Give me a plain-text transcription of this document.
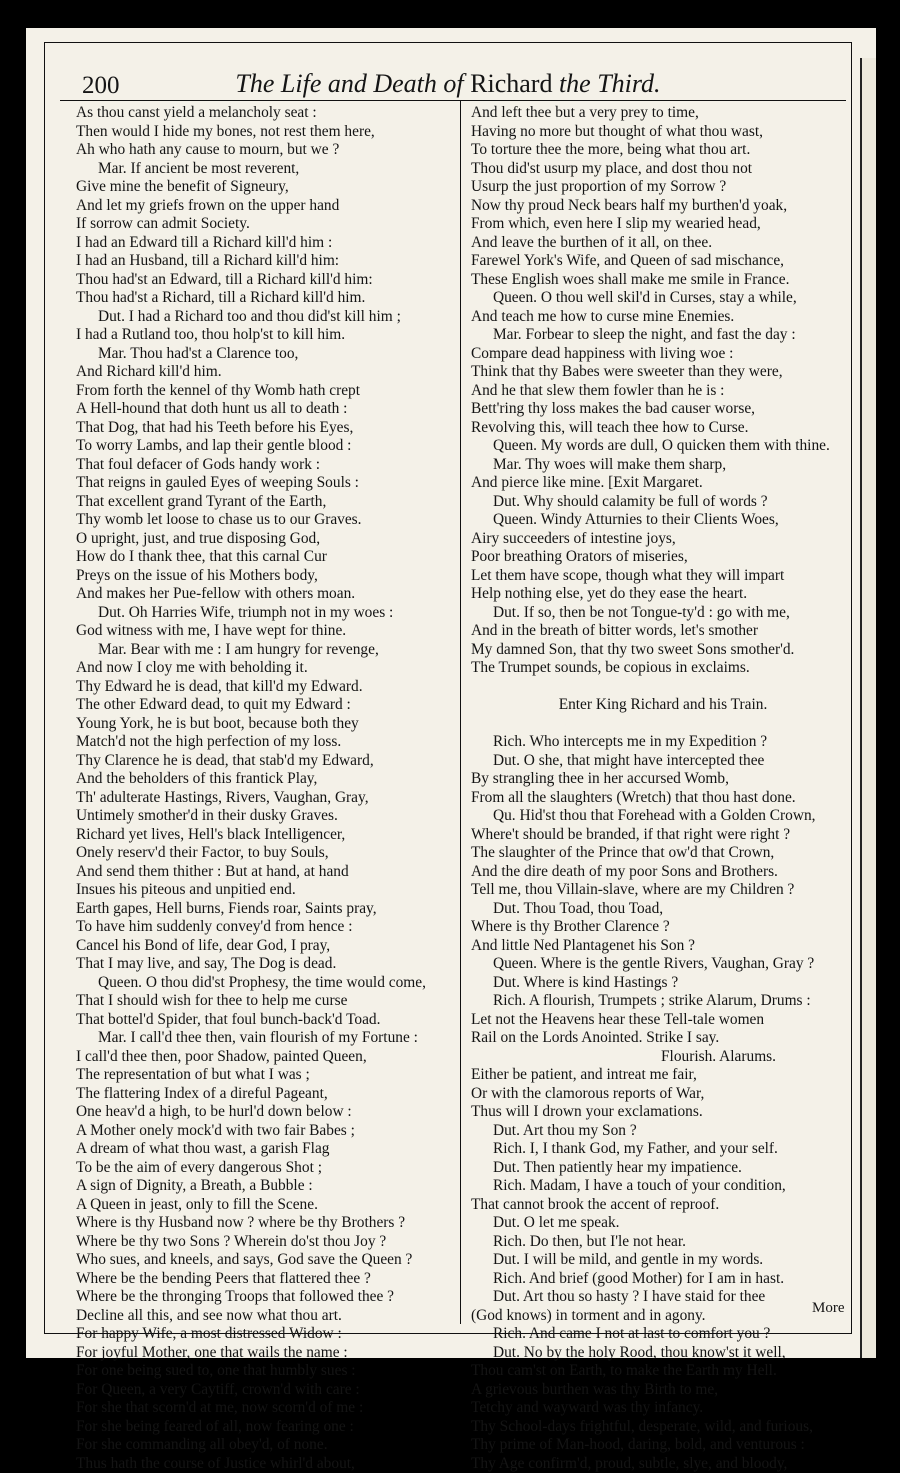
200	The Life and Death of Richard the Third.
As thou canst yield a melancholy seat :
Then would I hide my bones, not rest them here,
Ah who hath any cause to mourn, but we ?
Mar. If ancient be most reverent,
Give mine the benefit of Signeury,
And let my griefs frown on the upper hand
If sorrow can admit Society.
I had an Edward till a Richard kill'd him :
I had an Husband, till a Richard kill'd him:
Thou had'st an Edward, till a Richard kill'd him:
Thou had'st a Richard, till a Richard kill'd him.
Dut. I had a Richard too and thou did'st kill him ;
I had a Rutland too, thou holp'st to kill him.
Mar. Thou had'st a Clarence too,
And Richard kill'd him.
From forth the kennel of thy Womb hath crept
A Hell-hound that doth hunt us all to death :
That Dog, that had his Teeth before his Eyes,
To worry Lambs, and lap their gentle blood :
That foul defacer of Gods handy work :
That reigns in gauled Eyes of weeping Souls :
That excellent grand Tyrant of the Earth,
Thy womb let loose to chase us to our Graves.
O upright, just, and true disposing God,
How do I thank thee, that this carnal Cur
Preys on the issue of his Mothers body,
And makes her Pue-fellow with others moan.
Dut. Oh Harries Wife, triumph not in my woes :
God witness with me, I have wept for thine.
Mar. Bear with me : I am hungry for revenge,
And now I cloy me with beholding it.
Thy Edward he is dead, that kill'd my Edward.
The other Edward dead, to quit my Edward :
Young York, he is but boot, because both they
Match'd not the high perfection of my loss.
Thy Clarence he is dead, that stab'd my Edward,
And the beholders of this frantick Play,
Th' adulterate Hastings, Rivers, Vaughan, Gray,
Untimely smother'd in their dusky Graves.
Richard yet lives, Hell's black Intelligencer,
Onely reserv'd their Factor, to buy Souls,
And send them thither : But at hand, at hand
Insues his piteous and unpitied end.
Earth gapes, Hell burns, Fiends roar, Saints pray,
To have him suddenly convey'd from hence :
Cancel his Bond of life, dear God, I pray,
That I may live, and say, The Dog is dead.
Queen. O thou did'st Prophesy, the time would come,
That I should wish for thee to help me curse
That bottel'd Spider, that foul bunch-back'd Toad.
Mar. I call'd thee then, vain flourish of my Fortune :
I call'd thee then, poor Shadow, painted Queen,
The representation of but what I was ;
The flattering Index of a direful Pageant,
One heav'd a high, to be hurl'd down below :
A Mother onely mock'd with two fair Babes ;
A dream of what thou wast, a garish Flag
To be the aim of every dangerous Shot ;
A sign of Dignity, a Breath, a Bubble :
A Queen in jeast, only to fill the Scene.
Where is thy Husband now ? where be thy Brothers ?
Where be thy two Sons ? Wherein do'st thou Joy ?
Who sues, and kneels, and says, God save the Queen ?
Where be the bending Peers that flattered thee ?
Where be the thronging Troops that followed thee ?
Decline all this, and see now what thou art.
For happy Wife, a most distressed Widow :
For joyful Mother, one that wails the name :
For one being sued to, one that humbly sues :
For Queen, a very Caytiff, crown'd with care :
For she that scorn'd at me, now scorn'd of me :
For she being feared of all, now fearing one :
For she commanding all obey'd, of none.
Thus hath the course of Justice whirl'd about,
And left thee but a very prey to time,
Having no more but thought of what thou wast,
To torture thee the more, being what thou art.
Thou did'st usurp my place, and dost thou not
Usurp the just proportion of my Sorrow ?
Now thy proud Neck bears half my burthen'd yoak,
From which, even here I slip my wearied head,
And leave the burthen of it all, on thee.
Farewel York's Wife, and Queen of sad mischance,
These English woes shall make me smile in France.
Queen. O thou well skil'd in Curses, stay a while,
And teach me how to curse mine Enemies.
Mar. Forbear to sleep the night, and fast the day :
Compare dead happiness with living woe :
Think that thy Babes were sweeter than they were,
And he that slew them fowler than he is :
Bett'ring thy loss makes the bad causer worse,
Revolving this, will teach thee how to Curse.
Queen. My words are dull, O quicken them with thine.
Mar. Thy woes will make them sharp,
And pierce like mine. [Exit Margaret.
Dut. Why should calamity be full of words ?
Queen. Windy Atturnies to their Clients Woes,
Airy succeeders of intestine joys,
Poor breathing Orators of miseries,
Let them have scope, though what they will impart
Help nothing else, yet do they ease the heart.
Dut. If so, then be not Tongue-ty'd : go with me,
And in the breath of bitter words, let's smother
My damned Son, that thy two sweet Sons smother'd.
The Trumpet sounds, be copious in exclaims.
Enter King Richard and his Train.
Rich. Who intercepts me in my Expedition ?
Dut. O she, that might have intercepted thee
By strangling thee in her accursed Womb,
From all the slaughters (Wretch) that thou hast done.
Qu. Hid'st thou that Forehead with a Golden Crown,
Where't should be branded, if that right were right ?
The slaughter of the Prince that ow'd that Crown,
And the dire death of my poor Sons and Brothers.
Tell me, thou Villain-slave, where are my Children ?
Dut. Thou Toad, thou Toad,
Where is thy Brother Clarence ?
And little Ned Plantagenet his Son ?
Queen. Where is the gentle Rivers, Vaughan, Gray ?
Dut. Where is kind Hastings ?
Rich. A flourish, Trumpets ; strike Alarum, Drums :
Let not the Heavens hear these Tell-tale women
Rail on the Lords Anointed. Strike I say.
Flourish. Alarums.
Either be patient, and intreat me fair,
Or with the clamorous reports of War,
Thus will I drown your exclamations.
Dut. Art thou my Son ?
Rich. I, I thank God, my Father, and your self.
Dut. Then patiently hear my impatience.
Rich. Madam, I have a touch of your condition,
That cannot brook the accent of reproof.
Dut. O let me speak.
Rich. Do then, but I'le not hear.
Dut. I will be mild, and gentle in my words.
Rich. And brief (good Mother) for I am in hast.
Dut. Art thou so hasty ? I have staid for thee
(God knows) in torment and in agony.
Rich. And came I not at last to comfort you ?
Dut. No by the holy Rood, thou know'st it well,
Thou cam'st on Earth, to make the Earth my Hell.
A grievous burthen was thy Birth to me,
Tetchy and wayward was thy infancy.
Thy School-days frightful, desperate, wild, and furious,
Thy prime of Man-hood, daring, bold, and venturous :
Thy Age confirm'd, proud, subtle, slye, and bloody,
More
